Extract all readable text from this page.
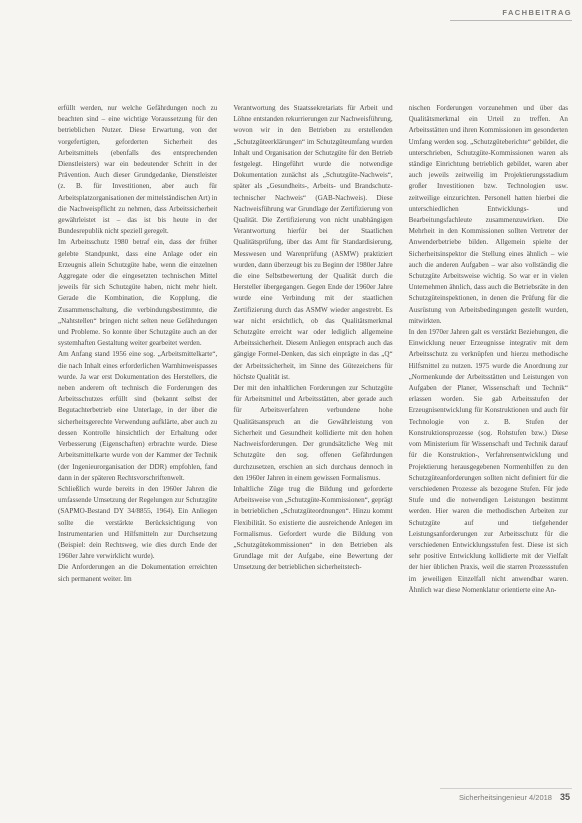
FACHBEITRAG

erfüllt werden, nur welche Gefährdungen noch zu beachten sind – eine wichtige Voraussetzung für den betrieblichen Nutzer. Diese Erwartung, von der vorgefertigten, geforderten Sicherheit des Arbeitsmittels (ebenfalls des entsprechenden Dienstleisters) war ein bedeutender Schritt in der Prävention. Auch dieser Grundgedanke, Dienstleister (z. B. für Investitionen, aber auch für Arbeitsplatzorganisationen der mittelständischen Art) in die Nachweispflicht zu nehmen, dass Arbeitssicherheit gewährleistet ist – das ist bis heute in der Bundesrepublik nicht speziell geregelt.

Im Arbeitsschutz 1980 betraf ein, dass der früher gelebte Standpunkt, dass eine Anlage oder ein Erzeugnis allein Schutzgüte habe, wenn die einzelnen Aggregate oder die eingesetzten technischen Mittel jeweils für sich Schutzgüte haben, nicht mehr hielt. Gerade die Kombination, die Kopplung, die Zusammenschaltung, die verbindungsbestimmte, die „Nahtstellen“ bringen nicht selten neue Gefährdungen und Probleme. So konnte über Schutzgüte auch an der systemhaften Gestaltung weiter gearbeitet werden.

Am Anfang stand 1956 eine sog. „Arbeitsmittelkarte“, die nach Inhalt eines erforderlichen Warnhinweispasses wurde. Ja war erst Dokumentation des Herstellers, die neben anderem oft technisch die Forderungen des Arbeitsschutzes erfüllt sind (bekannt selbst der Begutachterbetrieb eine Unterlage, in der über die sicherheitsgerechte Verwendung aufklärte, aber auch zu dessen Kontrolle hinsichtlich der Erhaltung oder Verbesserung (Eigenschaften) erbrachte wurde. Diese Arbeitsmittelkarte wurde von der Kammer der Technik (der Ingenieurorganisation der DDR) empfohlen, fand dann in der späteren Rechtsvorschriftenwelt.

Schließlich wurde bereits in den 1960er Jahren die umfassende Umsetzung der Regelungen zur Schutzgüte (SAPMO-Bestand DY 34/8855, 1964). Ein Anliegen sollte die verstärkte Berücksichtigung von Instrumentarien und Hilfsmitteln zur Durchsetzung (Beispiel: dein Rechtsweg, wie dies durch Ende der 1960er Jahre verwirklicht wurde).

Die Anforderungen an die Dokumentation erreichten sich permanent weiter. Im

Verantwortung des Staatssekretariats für Arbeit und Löhne entstanden rekurrierungen zur Nachweisführung, wovon wir in den Betrieben zu erstellenden „Schutzgüteerklärungen“ im Schutzgüteumfang wurden Inhalt und Organisation der Schutzgüte für den Betrieb festgelegt. Hingeführt wurde die notwendige Dokumentation zunächst als „Schutzgüte-Nachweis“, später als „Gesundheits-, Arbeits- und Brandschutz-technischer Nachweis“ (GAB-Nachweis). Diese Nachweisführung war Grundlage der Zertifizierung von Qualität. Die Zertifizierung von nicht unabhängigen Verantwortung hierfür bei der Staatlichen Qualitätsprüfung, über das Amt für Standardisierung, Messwesen und Warenprüfung (ASMW) praktiziert wurden, dann überzeugt bis zu Beginn der 1980er Jahre die eine Selbstbewertung der Qualität durch die Hersteller übergegangen. Gegen Ende der 1960er Jahre wurde eine Verbindung mit der staatlichen Zertifizierung durch das ASMW wieder angestrebt. Es war nicht ersichtlich, ob das Qualitätsmerkmal Schutzgüte erreicht war oder lediglich allgemeine Arbeitssicherheit. Diesem Anliegen entsprach auch das gängige Formel-Denken, das sich einprägte in das „Q“ der Arbeitssicherheit, im Sinne des Gütezeichens für höchste Qualität ist.

Der mit den inhaltlichen Forderungen zur Schutzgüte für Arbeitsmittel und Arbeitsstätten, aber gerade auch für Arbeitsverfahren verbundene hohe Qualitätsanspruch an die Gewährleistung von Sicherheit und Gesundheit kollidierte mit den hohen Nachweisforderungen. Der grundsätzliche Weg mit Schutzgüte den sog. offenen Gefährdungen durchzusetzen, erschien an sich durchaus dennoch in den 1960er Jahren in einem gewissen Formalismus.

Inhaltliche Züge trug die Bildung und geforderte Arbeitsweise von „Schutzgüte-Kommissionen“, geprägt in betrieblichen „Schutzgüteordnungen“. Hinzu kommt Flexibilität. So existierte die ausreichende Anlegen im Formalismus. Gefordert wurde die Bildung von „Schutzgütekommissionen“ in den Betrieben als Grundlage mit der Aufgabe, eine Bewertung der Umsetzung der betrieblichen sicherheitstech-

nischen Forderungen vorzunehmen und über das Qualitätsmerkmal ein Urteil zu treffen. An Arbeitsstätten und ihren Kommissionen im gesonderten Umfang werden sog. „Schutzgüteberichte“ gebildet, die unterschrieben, Schutzgüte-Kommissionen waren als ständige Einrichtung betrieblich gebildet, waren aber auch jeweils zeitweilig im Projektierungsstadium großer Investitionen bzw. Technologien usw. zeitweilige einzurichten. Personell hatten hierbei die unterschiedlichen Entwicklungs- und Bearbeitungsfachleute zusammenzuwirken. Die Mehrheit in den Kommissionen sollten Vertreter der Anwenderbetriebe bilden. Allgemein spielte der Sicherheitsinspektor die Stellung eines ähnlich – wie auch die anderen Aufgaben – war also vollständig die Schutzgüte Arbeitsweise wichtig. So war er in vielen Unternehmen ähnlich, dass auch die Betriebsräte in den Schutzgüteinspektionen, in denen die Prüfung für die Ausrüstung von Arbeitsbedingungen gestellt wurden, mitwirkten.

In den 1970er Jahren galt es verstärkt Beziehungen, die Einwicklung neuer Erzeugnisse integrativ mit dem Arbeitsschutz zu verknüpfen und hierzu methodische Hilfsmittel zu nutzen. 1975 wurde die Anordnung zur „Normenkunde der Arbeitsstätten und Leistungen von Aufgaben der Planer, Wissenschaft und Technik“ erlassen worden. Sie gab Arbeitsstufen der Erzeugnisentwicklung für Konstruktionen und auch für Technologie von z. B. Stufen der Konstruktionsprozesse (sog. Rohstufen bzw.) Diese vom Ministerium für Wissenschaft und Technik darauf für die Konstruktion-, Verfahrensentwicklung und Projektierung herausgegebenen Normenhilfen zu den Schutzgüteanforderungen sollten nicht definiert für die verschiedenen Prozesse als bezogene Stufen. Für jede Stufe und die notwendigen Leistungen bestimmt werden. Hier waren die methodischen Arbeiten zur Schutzgüte auf und tiefgehender Leistungsanforderungen zur Arbeitsschutz für die verschiedenen Entwicklungsstufen fest. Diese ist sich sehr positive Entwicklung kollidierte mit der Vielfalt der hier üblichen Praxis, weil die starren Prozessstufen im jeweiligen Einzelfall nicht anwendbar waren. Ähnlich war diese Nomenklatur orientierte eine An-

Sicherheitsingenieur 4/2018 35
